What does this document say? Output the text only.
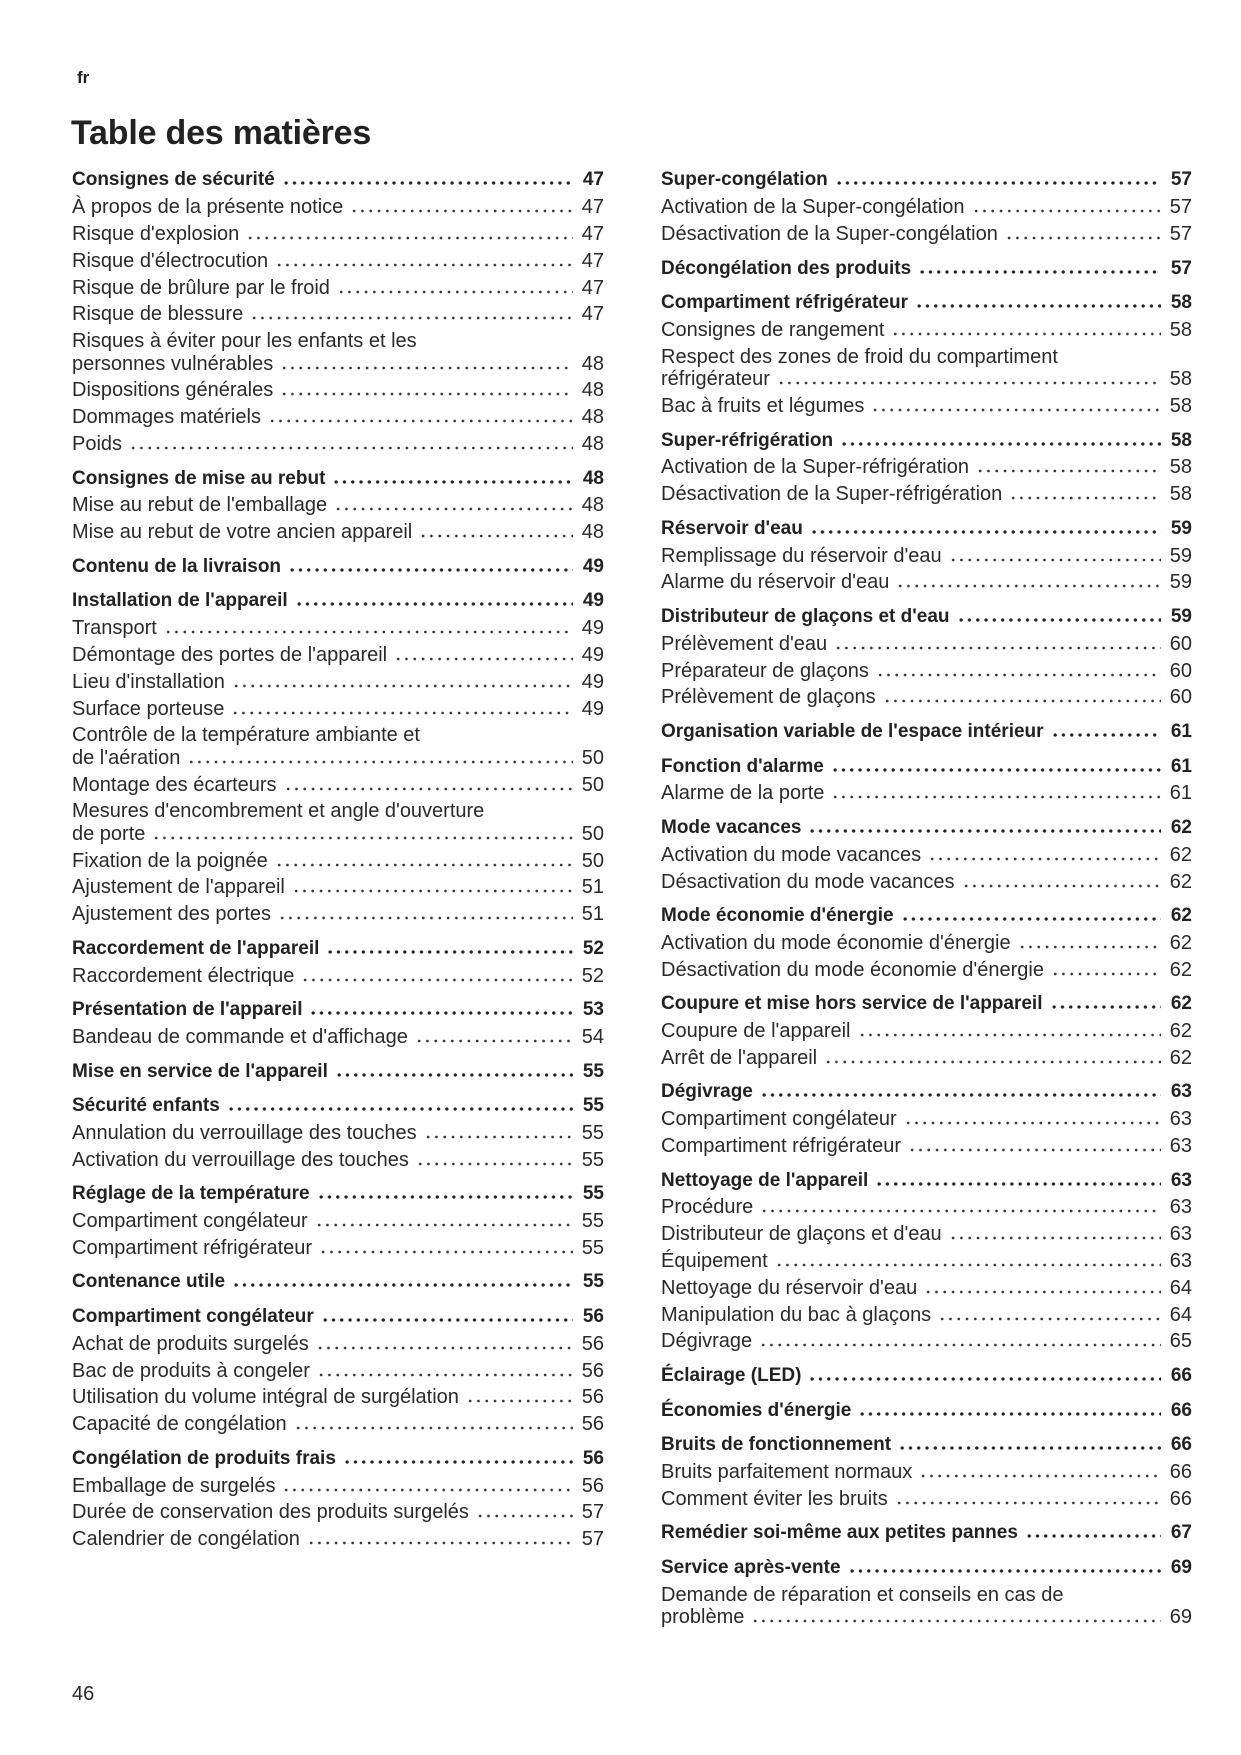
fr
Table des matières
Consignes de sécurité	47
À propos de la présente notice	47
Risque d'explosion	47
Risque d'électrocution	47
Risque de brûlure par le froid	47
Risque de blessure	47
Risques à éviter pour les enfants et les
personnes vulnérables	48
Dispositions générales	48
Dommages matériels	48
Poids	48
Consignes de mise au rebut	48
Mise au rebut de l'emballage	48
Mise au rebut de votre ancien appareil	48
Contenu de la livraison	49
Installation de l'appareil	49
Transport	49
Démontage des portes de l'appareil	49
Lieu d'installation	49
Surface porteuse	49
Contrôle de la température ambiante et
de l'aération	50
Montage des écarteurs	50
Mesures d'encombrement et angle d'ouverture
de porte	50
Fixation de la poignée	50
Ajustement de l'appareil	51
Ajustement des portes	51
Raccordement de l'appareil	52
Raccordement électrique	52
Présentation de l'appareil	53
Bandeau de commande et d'affichage	54
Mise en service de l'appareil	55
Sécurité enfants	55
Annulation du verrouillage des touches	55
Activation du verrouillage des touches	55
Réglage de la température	55
Compartiment congélateur	55
Compartiment réfrigérateur	55
Contenance utile	55
Compartiment congélateur	56
Achat de produits surgelés	56
Bac de produits à congeler	56
Utilisation du volume intégral de surgélation	56
Capacité de congélation	56
Congélation de produits frais	56
Emballage de surgelés	56
Durée de conservation des produits surgelés	57
Calendrier de congélation	57
Super-congélation	57
Activation de la Super-congélation	57
Désactivation de la Super-congélation	57
Décongélation des produits	57
Compartiment réfrigérateur	58
Consignes de rangement	58
Respect des zones de froid du compartiment
réfrigérateur	58
Bac à fruits et légumes	58
Super-réfrigération	58
Activation de la Super-réfrigération	58
Désactivation de la Super-réfrigération	58
Réservoir d'eau	59
Remplissage du réservoir d'eau	59
Alarme du réservoir d'eau	59
Distributeur de glaçons et d'eau	59
Prélèvement d'eau	60
Préparateur de glaçons	60
Prélèvement de glaçons	60
Organisation variable de l'espace intérieur	61
Fonction d'alarme	61
Alarme de la porte	61
Mode vacances	62
Activation du mode vacances	62
Désactivation du mode vacances	62
Mode économie d'énergie	62
Activation du mode économie d'énergie	62
Désactivation du mode économie d'énergie	62
Coupure et mise hors service de l'appareil	62
Coupure de l'appareil	62
Arrêt de l'appareil	62
Dégivrage	63
Compartiment congélateur	63
Compartiment réfrigérateur	63
Nettoyage de l'appareil	63
Procédure	63
Distributeur de glaçons et d'eau	63
Équipement	63
Nettoyage du réservoir d'eau	64
Manipulation du bac à glaçons	64
Dégivrage	65
Éclairage (LED)	66
Économies d'énergie	66
Bruits de fonctionnement	66
Bruits parfaitement normaux	66
Comment éviter les bruits	66
Remédier soi-même aux petites pannes	67
Service après-vente	69
Demande de réparation et conseils en cas de
problème	69
46
